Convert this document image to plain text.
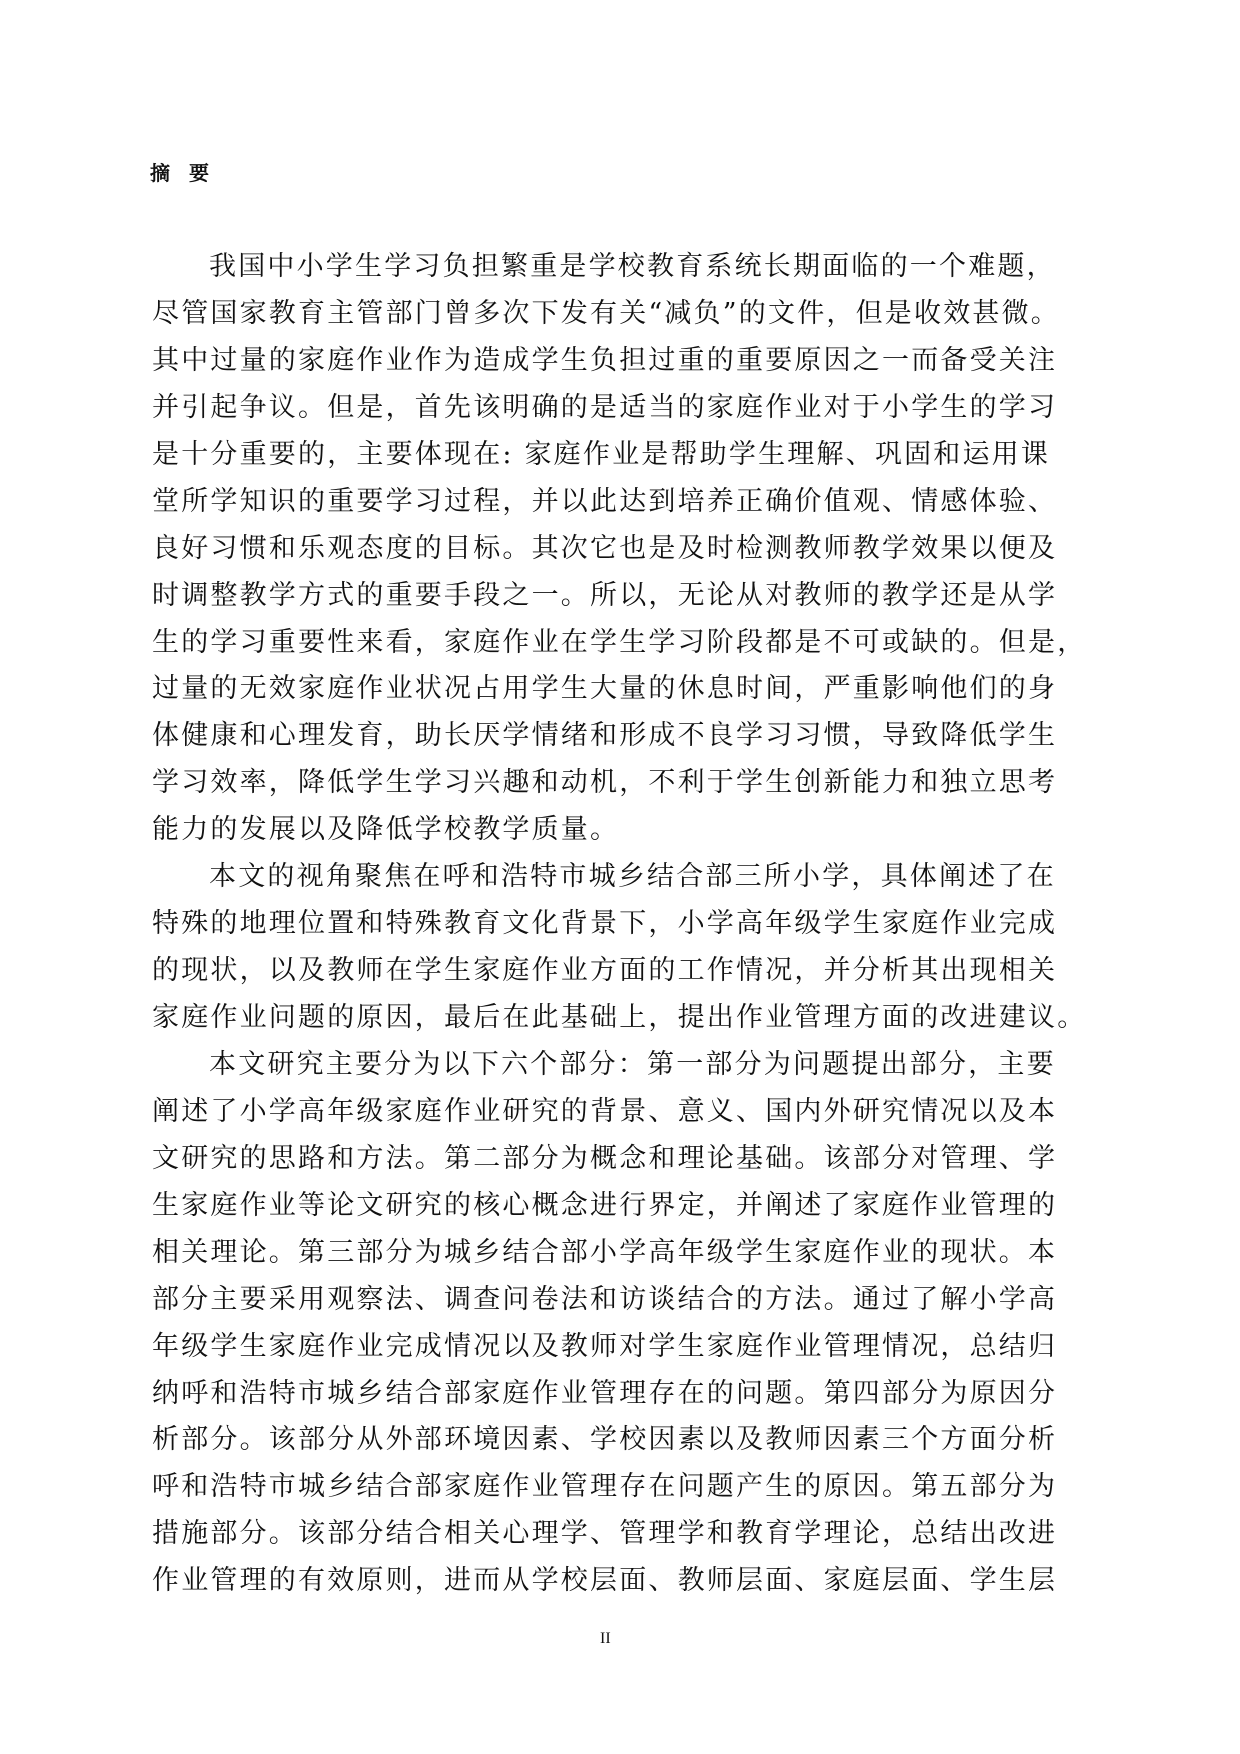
摘 要
我国中小学生学习负担繁重是学校教育系统长期面临的一个难题，
尽管国家教育主管部门曾多次下发有关“减负”的文件，但是收效甚微。
其中过量的家庭作业作为造成学生负担过重的重要原因之一而备受关注
并引起争议。但是，首先该明确的是适当的家庭作业对于小学生的学习
是十分重要的，主要体现在: 家庭作业是帮助学生理解、巩固和运用课
堂所学知识的重要学习过程，并以此达到培养正确价值观、情感体验、
良好习惯和乐观态度的目标。其次它也是及时检测教师教学效果以便及
时调整教学方式的重要手段之一。所以，无论从对教师的教学还是从学
生的学习重要性来看，家庭作业在学生学习阶段都是不可或缺的。但是，
过量的无效家庭作业状况占用学生大量的休息时间，严重影响他们的身
体健康和心理发育，助长厌学情绪和形成不良学习习惯，导致降低学生
学习效率，降低学生学习兴趣和动机，不利于学生创新能力和独立思考
能力的发展以及降低学校教学质量。
本文的视角聚焦在呼和浩特市城乡结合部三所小学，具体阐述了在
特殊的地理位置和特殊教育文化背景下，小学高年级学生家庭作业完成
的现状，以及教师在学生家庭作业方面的工作情况，并分析其出现相关
家庭作业问题的原因，最后在此基础上，提出作业管理方面的改进建议。
本文研究主要分为以下六个部分：第一部分为问题提出部分，主要
阐述了小学高年级家庭作业研究的背景、意义、国内外研究情况以及本
文研究的思路和方法。第二部分为概念和理论基础。该部分对管理、学
生家庭作业等论文研究的核心概念进行界定，并阐述了家庭作业管理的
相关理论。第三部分为城乡结合部小学高年级学生家庭作业的现状。本
部分主要采用观察法、调查问卷法和访谈结合的方法。通过了解小学高
年级学生家庭作业完成情况以及教师对学生家庭作业管理情况，总结归
纳呼和浩特市城乡结合部家庭作业管理存在的问题。第四部分为原因分
析部分。该部分从外部环境因素、学校因素以及教师因素三个方面分析
呼和浩特市城乡结合部家庭作业管理存在问题产生的原因。第五部分为
措施部分。该部分结合相关心理学、管理学和教育学理论，总结出改进
作业管理的有效原则，进而从学校层面、教师层面、家庭层面、学生层
II
